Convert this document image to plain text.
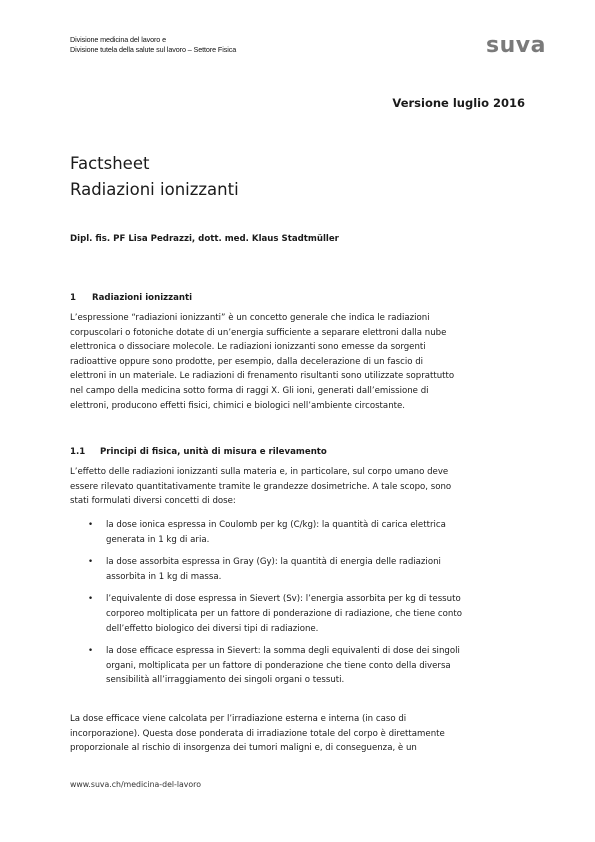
Divisione medicina del lavoro e
Divisione tutela della salute sul lavoro – Settore Fisica	suva
Versione luglio 2016
Factsheet
Radiazioni ionizzanti
Dipl. fis. PF Lisa Pedrazzi, dott. med. Klaus Stadtmüller
1 Radiazioni ionizzanti
L’espressione “radiazioni ionizzanti” è un concetto generale che indica le radiazioni
corpuscolari o fotoniche dotate di un’energia sufficiente a separare elettroni dalla nube
elettronica o dissociare molecole. Le radiazioni ionizzanti sono emesse da sorgenti
radioattive oppure sono prodotte, per esempio, dalla decelerazione di un fascio di
elettroni in un materiale. Le radiazioni di frenamento risultanti sono utilizzate soprattutto
nel campo della medicina sotto forma di raggi X. Gli ioni, generati dall’emissione di
elettroni, producono effetti fisici, chimici e biologici nell’ambiente circostante.
1.1 Principi di fisica, unità di misura e rilevamento
L’effetto delle radiazioni ionizzanti sulla materia e, in particolare, sul corpo umano deve
essere rilevato quantitativamente tramite le grandezze dosimetriche. A tale scopo, sono
stati formulati diversi concetti di dose:
• la dose ionica espressa in Coulomb per kg (C/kg): la quantità di carica elettrica
generata in 1 kg di aria.
• la dose assorbita espressa in Gray (Gy): la quantità di energia delle radiazioni
assorbita in 1 kg di massa.
• l’equivalente di dose espressa in Sievert (Sv): l’energia assorbita per kg di tessuto
corporeo moltiplicata per un fattore di ponderazione di radiazione, che tiene conto
dell’effetto biologico dei diversi tipi di radiazione.
• la dose efficace espressa in Sievert: la somma degli equivalenti di dose dei singoli
organi, moltiplicata per un fattore di ponderazione che tiene conto della diversa
sensibilità all’irraggiamento dei singoli organi o tessuti.
La dose efficace viene calcolata per l’irradiazione esterna e interna (in caso di
incorporazione). Questa dose ponderata di irradiazione totale del corpo è direttamente
proporzionale al rischio di insorgenza dei tumori maligni e, di conseguenza, è un
www.suva.ch/medicina-del-lavoro
